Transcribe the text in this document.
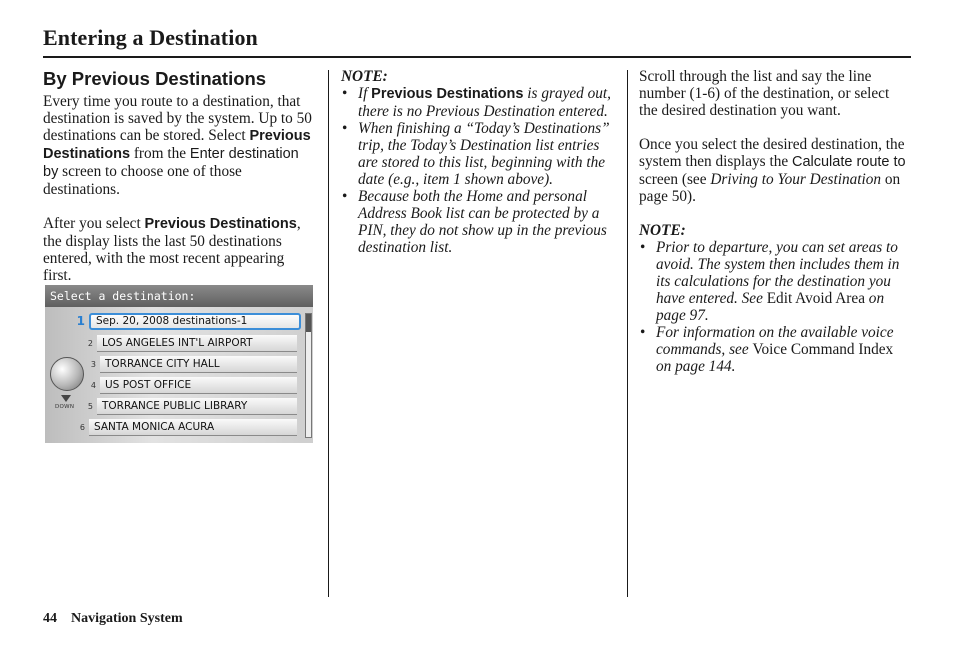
Entering a Destination
By Previous Destinations

Every time you route to a destination, that destination is saved by the system. Up to 50 destinations can be stored. Select Previous Destinations from the Enter destination by screen to choose one of those destinations.

After you select Previous Destinations, the display lists the last 50 destinations entered, with the most recent appearing first.

Select a destination:
DOWN
1	Sep. 20, 2008 destinations-1
2 LOS ANGELES INT'L AIRPORT
3 TORRANCE CITY HALL
4 US POST OFFICE
5 TORRANCE PUBLIC LIBRARY
6 SANTA MONICA ACURA
NOTE:
• If Previous Destinations is grayed out, there is no Previous Destination entered.
• When finishing a “Today’s Destinations” trip, the Today’s Destination list entries are stored to this list, beginning with the date (e.g., item 1 shown above).
• Because both the Home and personal Address Book list can be protected by a PIN, they do not show up in the previous destination list.

Scroll through the list and say the line number (1-6) of the destination, or select the desired destination you want.

Once you select the desired destination, the system then displays the Calculate route to screen (see Driving to Your Destination on page 50).

NOTE:
• Prior to departure, you can set areas to avoid. The system then includes them in its calculations for the destination you have entered. See Edit Avoid Area on page 97.
• For information on the available voice commands, see Voice Command Index on page 144.
44 Navigation System
